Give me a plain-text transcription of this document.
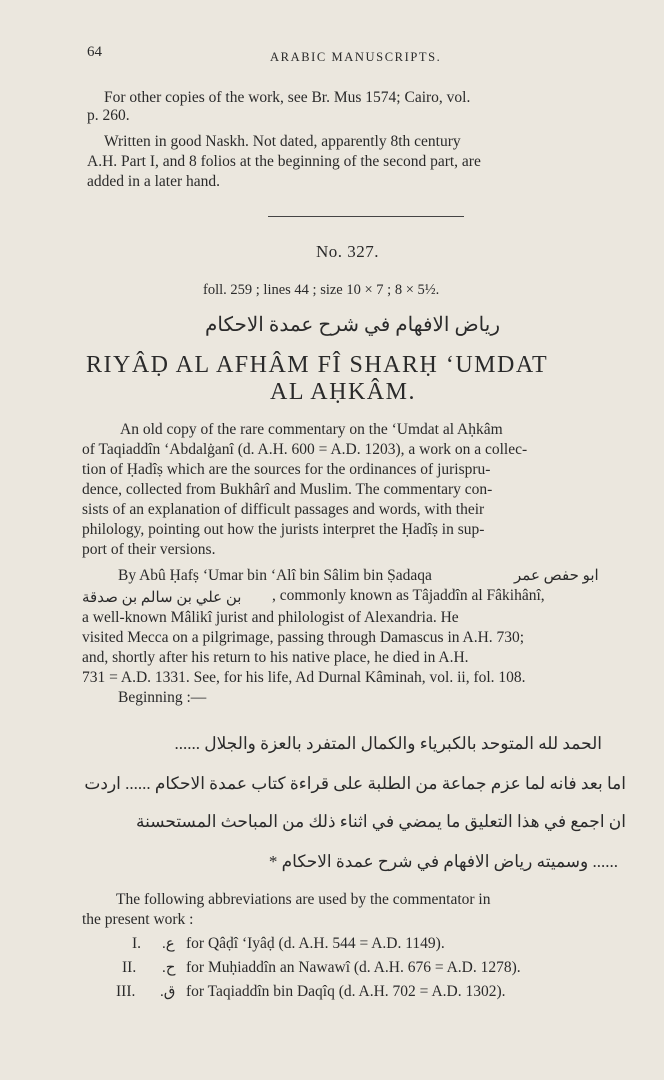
64	ARABIC MANUSCRIPTS.
For other copies of the work, see Br. Mus 1574; Cairo, vol.
p. 260.
Written in good Naskh. Not dated, apparently 8th century
A.H. Part I, and 8 folios at the beginning of the second part, are
added in a later hand.
No. 327.
foll. 259 ; lines 44 ; size 10 × 7 ; 8 × 5½.
رياض الافهام في شرح عمدة الاحكام
RIYÂḌ AL AFHÂM FÎ SHARḤ ‘UMDAT
AL AḤKÂM.
An old copy of the rare commentary on the ‘Umdat al Aḥkâm
of Taqiaddîn ‘Abdalġanî (d. A.H. 600 = A.D. 1203), a work on a collec-
tion of Ḥadîṣ which are the sources for the ordinances of jurispru-
dence, collected from Bukhârî and Muslim. The commentary con-
sists of an explanation of difficult passages and words, with their
philology, pointing out how the jurists interpret the Ḥadîṣ in sup-
port of their versions.
By Abû Ḥafṣ ‘Umar bin ‘Alî bin Sâlim bin Ṣadaqa	ابو حفص عمر
بن علي بن سالم بن صدقة , commonly known as Tâjaddîn al Fâkihânî,
a well-known Mâlikî jurist and philologist of Alexandria. He
visited Mecca on a pilgrimage, passing through Damascus in A.H. 730;
and, shortly after his return to his native place, he died in A.H.
731 = A.D. 1331. See, for his life, Ad Durnal Kâminah, vol. ii, fol. 108.
Beginning :—
الحمد لله المتوحد بالكبرياء والكمال المتفرد بالعزة والجلال ......
اما بعد فانه لما عزم جماعة من الطلبة على قراءة كتاب عمدة الاحكام ...... اردت
ان اجمع في هذا التعليق ما يمضي في اثناء ذلك من المباحث المستحسنة
...... وسميته رياض الافهام في شرح عمدة الاحكام *
The following abbreviations are used by the commentator in
the present work :
I. ع. for Qâḍî ‘Iyâḍ (d. A.H. 544 = A.D. 1149).
II. ح. for Muḥiaddîn an Nawawî (d. A.H. 676 = A.D. 1278).
III. ق. for Taqiaddîn bin Daqîq (d. A.H. 702 = A.D. 1302).
